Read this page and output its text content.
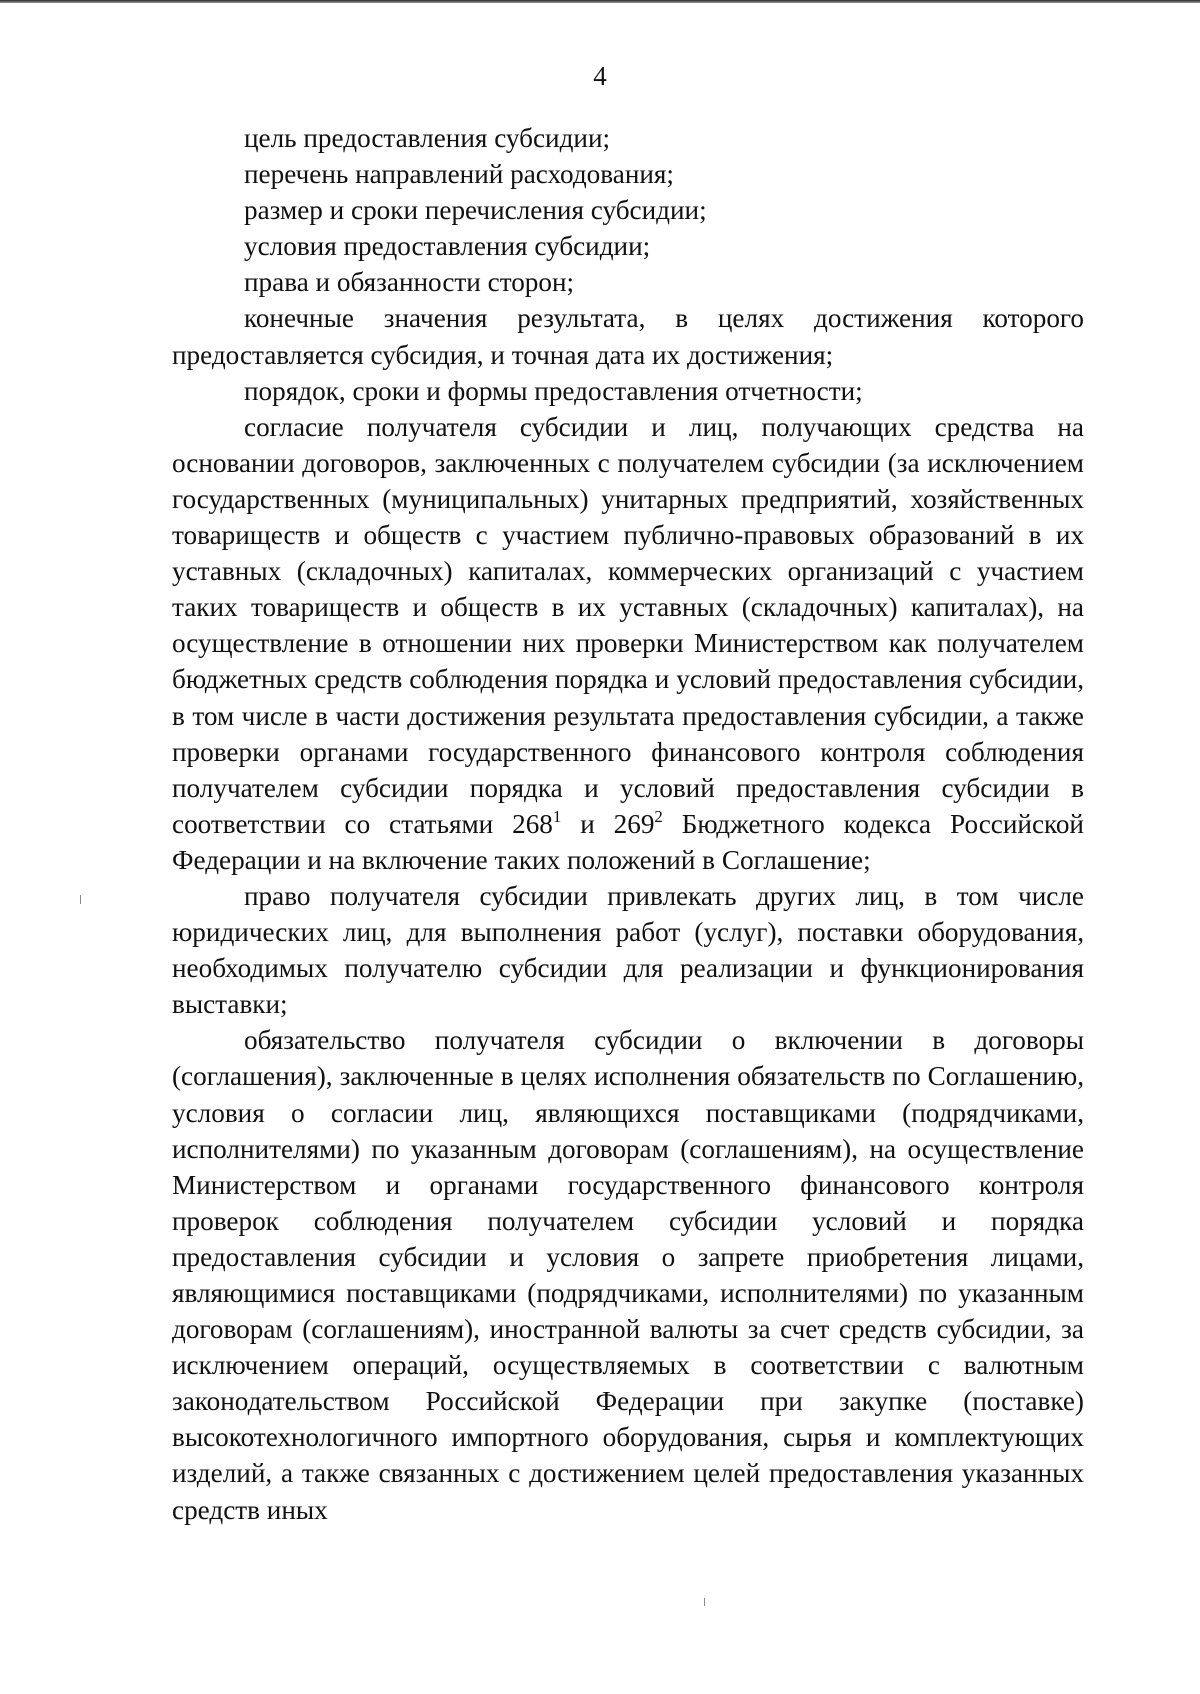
4

цель предоставления субсидии;

перечень направлений расходования;

размер и сроки перечисления субсидии;

условия предоставления субсидии;

права и обязанности сторон;

конечные значения результата, в целях достижения которого предоставляется субсидия, и точная дата их достижения;

порядок, сроки и формы предоставления отчетности;

согласие получателя субсидии и лиц, получающих средства на основании договоров, заключенных с получателем субсидии (за исключением государственных (муниципальных) унитарных предприятий, хозяйственных товариществ и обществ с участием публично-правовых образований в их уставных (складочных) капиталах, коммерческих организаций с участием таких товариществ и обществ в их уставных (складочных) капиталах), на осуществление в отношении них проверки Министерством как получателем бюджетных средств соблюдения порядка и условий предоставления субсидии, в том числе в части достижения результата предоставления субсидии, а также проверки органами государственного финансового контроля соблюдения получателем субсидии порядка и условий предоставления субсидии в соответствии со статьями $268^1$ и $269^2$ Бюджетного кодекса Российской Федерации и на включение таких положений в Соглашение;

право получателя субсидии привлекать других лиц, в том числе юридических лиц, для выполнения работ (услуг), поставки оборудования, необходимых получателю субсидии для реализации и функционирования выставки;

обязательство получателя субсидии о включении в договоры (соглашения), заключенные в целях исполнения обязательств по Соглашению, условия о согласии лиц, являющихся поставщиками (подрядчиками, исполнителями) по указанным договорам (соглашениям), на осуществление Министерством и органами государственного финансового контроля проверок соблюдения получателем субсидии условий и порядка предоставления субсидии и условия о запрете приобретения лицами, являющимися поставщиками (подрядчиками, исполнителями) по указанным договорам (соглашениям), иностранной валюты за счет средств субсидии, за исключением операций, осуществляемых в соответствии с валютным законодательством Российской Федерации при закупке (поставке) высокотехнологичного импортного оборудования, сырья и комплектующих изделий, а также связанных с достижением целей предоставления указанных средств иных
